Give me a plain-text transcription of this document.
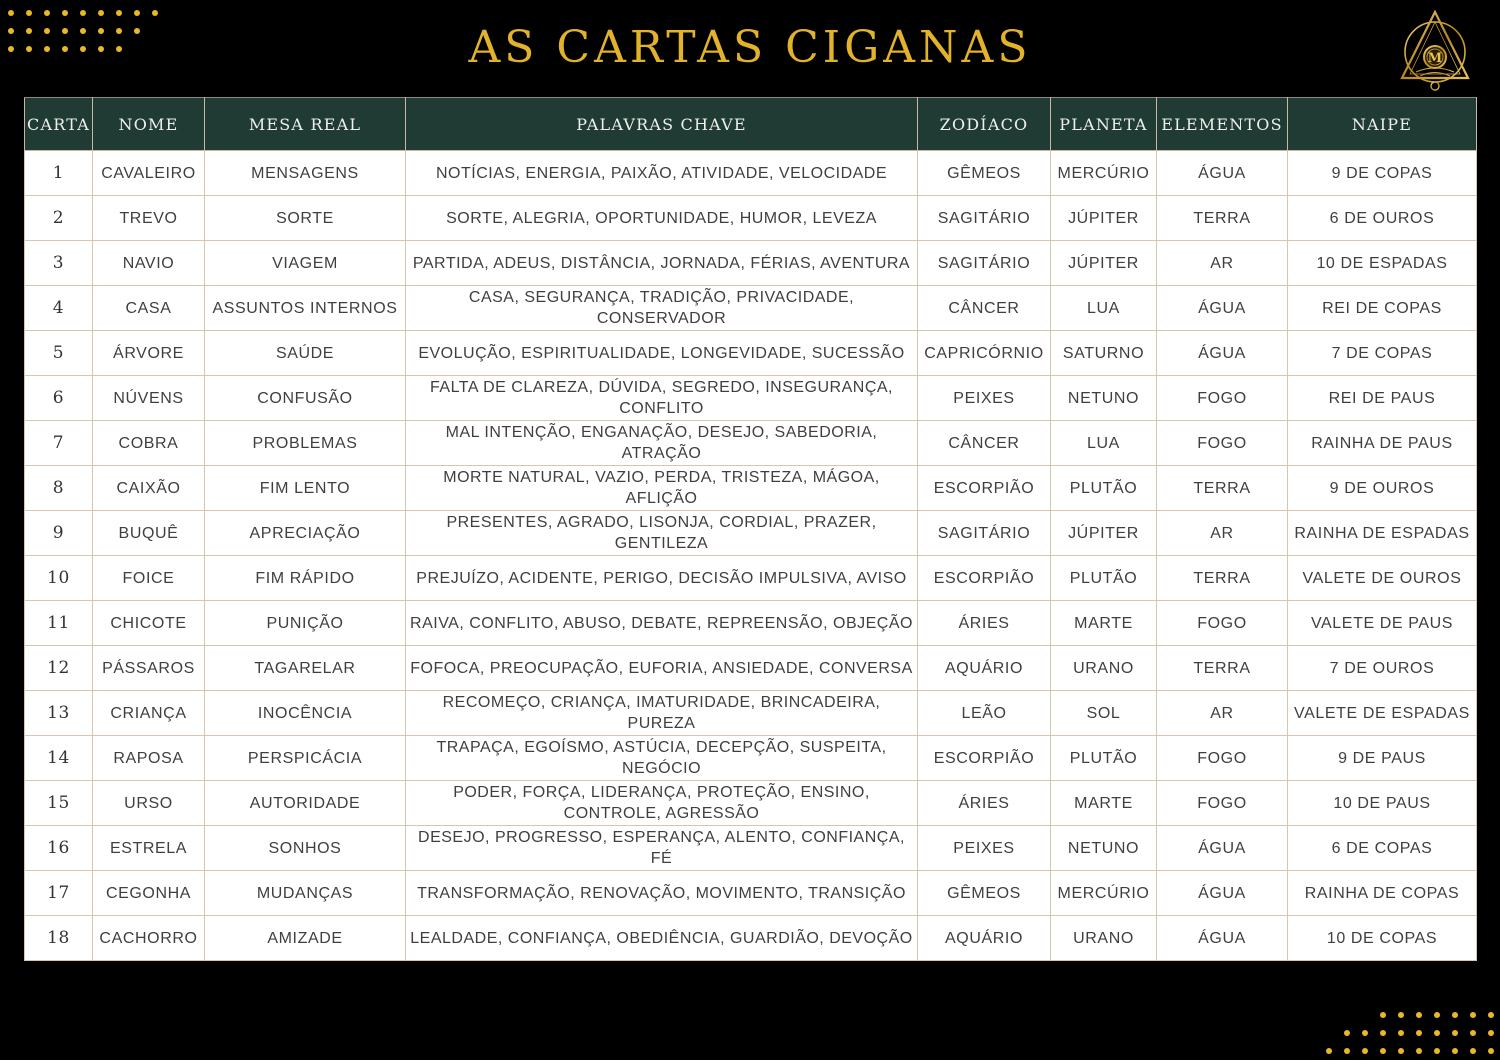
AS CARTAS CIGANAS	M
CARTA	NOME	MESA REAL	PALAVRAS CHAVE	ZODÍACO	PLANETA	ELEMENTOS	NAIPE
1	CAVALEIRO	MENSAGENS	NOTÍCIAS, ENERGIA, PAIXÃO, ATIVIDADE, VELOCIDADE	GÊMEOS	MERCÚRIO	ÁGUA	9 DE COPAS
2	TREVO	SORTE	SORTE, ALEGRIA, OPORTUNIDADE, HUMOR, LEVEZA	SAGITÁRIO	JÚPITER	TERRA	6 DE OUROS
3	NAVIO	VIAGEM	PARTIDA, ADEUS, DISTÂNCIA, JORNADA, FÉRIAS, AVENTURA	SAGITÁRIO	JÚPITER	AR	10 DE ESPADAS
4	CASA	ASSUNTOS INTERNOS	CASA, SEGURANÇA, TRADIÇÃO, PRIVACIDADE, CONSERVADOR	CÂNCER	LUA	ÁGUA	REI DE COPAS
5	ÁRVORE	SAÚDE	EVOLUÇÃO, ESPIRITUALIDADE, LONGEVIDADE, SUCESSÃO	CAPRICÓRNIO	SATURNO	ÁGUA	7 DE COPAS
6	NÚVENS	CONFUSÃO	FALTA DE CLAREZA, DÚVIDA, SEGREDO, INSEGURANÇA, CONFLITO	PEIXES	NETUNO	FOGO	REI DE PAUS
7	COBRA	PROBLEMAS	MAL INTENÇÃO, ENGANAÇÃO, DESEJO, SABEDORIA, ATRAÇÃO	CÂNCER	LUA	FOGO	RAINHA DE PAUS
8	CAIXÃO	FIM LENTO	MORTE NATURAL, VAZIO, PERDA, TRISTEZA, MÁGOA, AFLIÇÃO	ESCORPIÃO	PLUTÃO	TERRA	9 DE OUROS
9	BUQUÊ	APRECIAÇÃO	PRESENTES, AGRADO, LISONJA, CORDIAL, PRAZER, GENTILEZA	SAGITÁRIO	JÚPITER	AR	RAINHA DE ESPADAS
10	FOICE	FIM RÁPIDO	PREJUÍZO, ACIDENTE, PERIGO, DECISÃO IMPULSIVA, AVISO	ESCORPIÃO	PLUTÃO	TERRA	VALETE DE OUROS
11	CHICOTE	PUNIÇÃO	RAIVA, CONFLITO, ABUSO, DEBATE, REPREENSÃO, OBJEÇÃO	ÁRIES	MARTE	FOGO	VALETE DE PAUS
12	PÁSSAROS	TAGARELAR	FOFOCA, PREOCUPAÇÃO, EUFORIA, ANSIEDADE, CONVERSA	AQUÁRIO	URANO	TERRA	7 DE OUROS
13	CRIANÇA	INOCÊNCIA	RECOMEÇO, CRIANÇA, IMATURIDADE, BRINCADEIRA, PUREZA	LEÃO	SOL	AR	VALETE DE ESPADAS
14	RAPOSA	PERSPICÁCIA	TRAPAÇA, EGOÍSMO, ASTÚCIA, DECEPÇÃO, SUSPEITA, NEGÓCIO	ESCORPIÃO	PLUTÃO	FOGO	9 DE PAUS
15	URSO	AUTORIDADE	PODER, FORÇA, LIDERANÇA, PROTEÇÃO, ENSINO, CONTROLE, AGRESSÃO	ÁRIES	MARTE	FOGO	10 DE PAUS
16	ESTRELA	SONHOS	DESEJO, PROGRESSO, ESPERANÇA, ALENTO, CONFIANÇA, FÉ	PEIXES	NETUNO	ÁGUA	6 DE COPAS
17	CEGONHA	MUDANÇAS	TRANSFORMAÇÃO, RENOVAÇÃO, MOVIMENTO, TRANSIÇÃO	GÊMEOS	MERCÚRIO	ÁGUA	RAINHA DE COPAS
18	CACHORRO	AMIZADE	LEALDADE, CONFIANÇA, OBEDIÊNCIA, GUARDIÃO, DEVOÇÃO	AQUÁRIO	URANO	ÁGUA	10 DE COPAS
